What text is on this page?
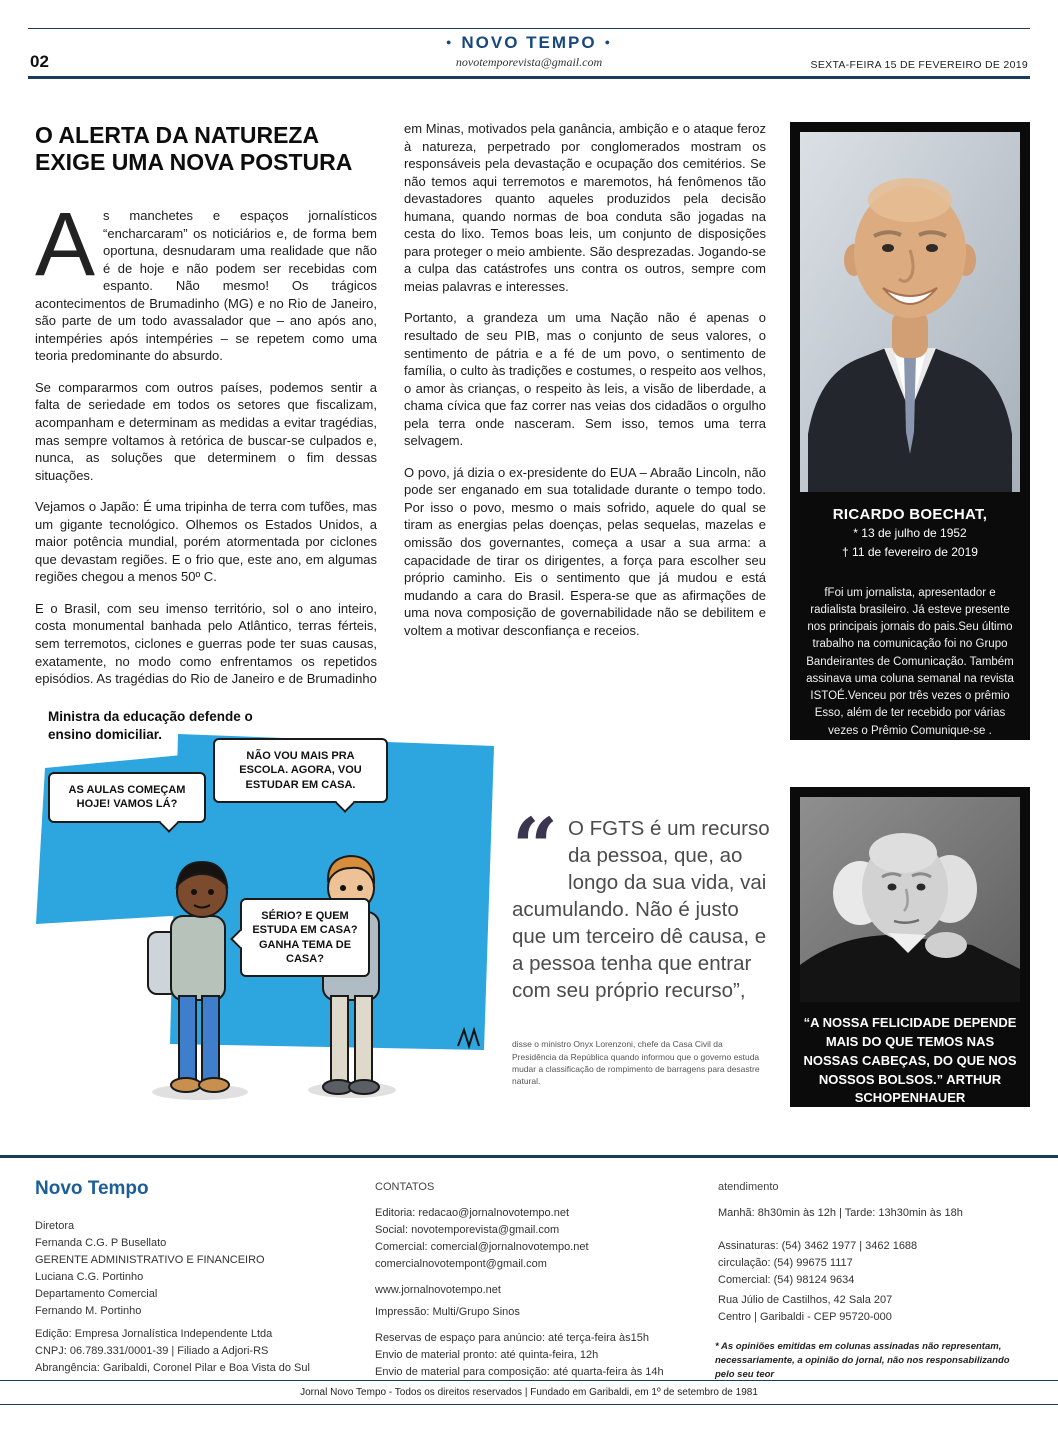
● NOVO TEMPO ●
novotemporevista@gmail.com
02	SEXTA-FEIRA 15 DE FEVEREIRO DE 2019
O ALERTA DA NATUREZA EXIGE UMA NOVA POSTURA

As manchetes e espaços jornalísticos “encharcaram” os noticiários e, de forma bem oportuna, desnudaram uma realidade que não é de hoje e não podem ser recebidas com espanto. Não mesmo! Os trágicos acontecimentos de Brumadinho (MG) e no Rio de Janeiro, são parte de um todo avassalador que – ano após ano, intempéries após intempéries – se repetem como uma teoria predominante do absurdo.

Se compararmos com outros países, podemos sentir a falta de seriedade em todos os setores que fiscalizam, acompanham e determinam as medidas a evitar tragédias, mas sempre voltamos à retórica de buscar-se culpados e, nunca, as soluções que determinem o fim dessas situações.

Vejamos o Japão: É uma tripinha de terra com tufões, mas um gigante tecnológico. Olhemos os Estados Unidos, a maior potência mundial, porém atormentada por ciclones que devastam regiões. E o frio que, este ano, em algumas regiões chegou a menos 50º C.

E o Brasil, com seu imenso território, sol o ano inteiro, costa monumental banhada pelo Atlântico, terras férteis, sem terremotos, ciclones e guerras pode ter suas causas, exatamente, no modo como enfrentamos os repetidos episódios. As tragédias do Rio de Janeiro e de Brumadinho

em Minas, motivados pela ganância, ambição e o ataque feroz à natureza, perpetrado por conglomerados mostram os responsáveis pela devastação e ocupação dos cemitérios. Se não temos aqui terremotos e maremotos, há fenômenos tão devastadores quanto aqueles produzidos pela decisão humana, quando normas de boa conduta são jogadas na cesta do lixo. Temos boas leis, um conjunto de disposições para proteger o meio ambiente. São desprezadas. Jogando-se a culpa das catástrofes uns contra os outros, sempre com meias palavras e interesses.

Portanto, a grandeza um uma Nação não é apenas o resultado de seu PIB, mas o conjunto de seus valores, o sentimento de pátria e a fé de um povo, o sentimento de família, o culto às tradições e costumes, o respeito aos velhos, o amor às crianças, o respeito às leis, a visão de liberdade, a chama cívica que faz correr nas veias dos cidadãos o orgulho pela terra onde nasceram. Sem isso, temos uma terra selvagem.

O povo, já dizia o ex-presidente do EUA – Abraão Lincoln, não pode ser enganado em sua totalidade durante o tempo todo. Por isso o povo, mesmo o mais sofrido, aquele do qual se tiram as energias pelas doenças, pelas sequelas, mazelas e omissão dos governantes, começa a usar a sua arma: a capacidade de tirar os dirigentes, a força para escolher seu próprio caminho. Eis o sentimento que já mudou e está mudando a cara do Brasil. Espera-se que as afirmações de uma nova composição de governabilidade não se debilitem e voltem a motivar desconfiança e receios.

RICARDO BOECHAT,
* 13 de julho de 1952
† 11 de fevereiro de 2019
fFoi um jornalista, apresentador e radialista brasileiro. Já esteve presente nos principais jornais do pais.Seu último trabalho na comunicação foi no Grupo Bandeirantes de Comunicação. Também assinava uma coluna semanal na revista ISTOÉ.Venceu por três vezes o prêmio Esso, além de ter recebido por várias vezes o Prêmio Comunique-se .
Ministra da educação defende o ensino domiciliar.
AS AULAS COMEÇAM HOJE! VAMOS LÁ?
NÃO VOU MAIS PRA ESCOLA. AGORA, VOU ESTUDAR EM CASA.
SÉRIO? E QUEM ESTUDA EM CASA? GANHA TEMA DE CASA?
“ O FGTS é um recurso da pessoa, que, ao longo da sua vida, vai acumulando. Não é justo que um terceiro dê causa, e a pessoa tenha que entrar com seu próprio recurso”,
disse o ministro Onyx Lorenzoni, chefe da Casa Civil da Presidência da República quando informou que o governo estuda mudar a classificação de rompimento de barragens para desastre natural.
“A NOSSA FELICIDADE DEPENDE MAIS DO QUE TEMOS NAS NOSSAS CABEÇAS, DO QUE NOS NOSSOS BOLSOS.” ARTHUR SCHOPENHAUER
Novo Tempo
Diretora
Fernanda C.G. P Busellato
GERENTE ADMINISTRATIVO E FINANCEIRO
Luciana C.G. Portinho
Departamento Comercial
Fernando M. Portinho
Edição: Empresa Jornalística Independente Ltda
CNPJ: 06.789.331/0001-39 | Filiado a Adjori-RS
Abrangência: Garibaldi, Coronel Pilar e Boa Vista do Sul
CONTATOS
Editoria: redacao@jornalnovotempo.net
Social: novotemporevista@gmail.com
Comercial: comercial@jornalnovotempo.net
comercialnovotempont@gmail.com
www.jornalnovotempo.net
Impressão: Multi/Grupo Sinos
Reservas de espaço para anúncio: até terça-feira às15h
Envio de material pronto: até quinta-feira, 12h
Envio de material para composição: até quarta-feira às 14h
atendimento
Manhã: 8h30min às 12h | Tarde: 13h30min às 18h
Assinaturas: (54) 3462 1977 | 3462 1688
circulação: (54) 99675 1117
Comercial: (54) 98124 9634
Rua Júlio de Castilhos, 42 Sala 207
Centro | Garibaldi - CEP 95720-000
* As opiniões emitidas em colunas assinadas não representam, necessariamente, a opinião do jornal, não nos responsabilizando pelo seu teor
Jornal Novo Tempo - Todos os direitos reservados | Fundado em Garibaldi, em 1º de setembro de 1981
